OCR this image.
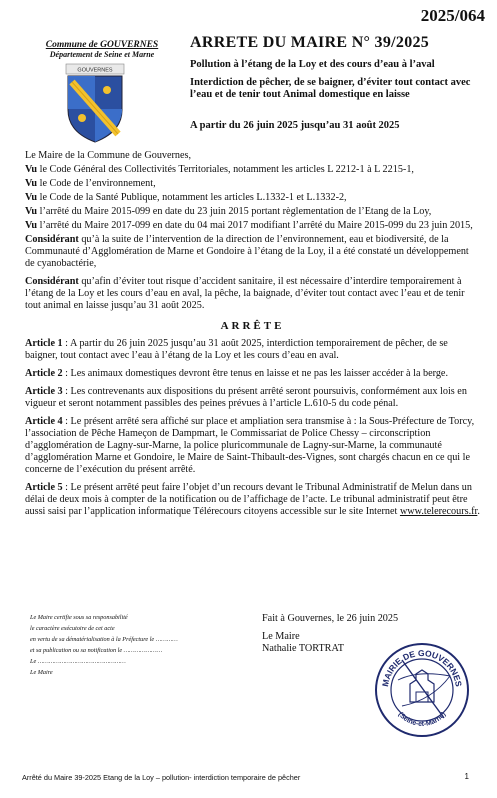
2025/064
Commune de GOUVERNES
Département de Seine et Marne
GOUVERNES
ARRETE DU MAIRE N° 39/2025
Pollution à l’étang de la Loy et des cours d’eau à l’aval
Interdiction de pêcher, de se baigner, d’éviter tout contact avec l’eau et de tenir tout Animal domestique en laisse
A partir du 26 juin 2025 jusqu’au 31 août 2025

Le Maire de la Commune de Gouvernes,

Vu le Code Général des Collectivités Territoriales, notamment les articles L 2212-1 à L 2215-1,

Vu le Code de l’environnement,

Vu le Code de la Santé Publique, notamment les articles L.1332-1 et L.1332-2,

Vu l’arrêté du Maire 2015-099 en date du 23 juin 2015 portant règlementation de l’Etang de la Loy,

Vu l’arrêté du Maire 2017-099 en date du 04 mai 2017 modifiant l’arrêté du Maire 2015-099 du 23 juin 2015,

Considérant qu’à la suite de l’intervention de la direction de l’environnement, eau et biodiversité, de la Communauté d’Agglomération de Marne et Gondoire à l’étang de la Loy, il a été constaté un développement de cyanobactérie,

Considérant qu’afin d’éviter tout risque d’accident sanitaire, il est nécessaire d’interdire temporairement à l’étang de la Loy et les cours d’eau en aval, la pêche, la baignade, d’éviter tout contact avec l’eau et de tenir tout animal en laisse jusqu’au 31 août 2025.

ARRÊTE

Article 1 : A partir du 26 juin 2025 jusqu’au 31 août 2025, interdiction temporairement de pêcher, de se baigner, tout contact avec l’eau à l’étang de la Loy et les cours d’eau en aval.

Article 2 : Les animaux domestiques devront être tenus en laisse et ne pas les laisser accéder à la berge.

Article 3 : Les contrevenants aux dispositions du présent arrêté seront poursuivis, conformément aux lois en vigueur et seront notamment passibles des peines prévues à l’article L.610-5 du code pénal.

Article 4 : Le présent arrêté sera affiché sur place et ampliation sera transmise à : la Sous-Préfecture de Torcy, l’association de Pêche Hameçon de Dampmart, le Commissariat de Police Chessy – circonscription d’agglomération de Lagny-sur-Marne, la police pluricommunale de Lagny-sur-Marne, la communauté d’agglomération Marne et Gondoire, le Maire de Saint-Thibault-des-Vignes, sont chargés chacun en ce qui le concerne de l’exécution du présent arrêté.

Article 5 : Le présent arrêté peut faire l’objet d’un recours devant le Tribunal Administratif de Melun dans un délai de deux mois à compter de la notification ou de l’affichage de l’acte. Le tribunal administratif peut être aussi saisi par l’application informatique Télérecours citoyens accessible sur le site Internet www.telerecours.fr.

Fait à Gouvernes, le 26 juin 2025
Le Maire
Nathalie TORTRAT
Le Maire certifie sous sa responsabilité
le caractère exécutoire de cet acte
en vertu de sa dématérialisation à la Préfecture le …………
et sa publication ou sa notification le …………………
Le …………………………………………
Le Maire
MAIRIE DE GOUVERNES
(Seine-et-Marne)
Arrêté du Maire 39-2025 Etang de la Loy – pollution- interdiction temporaire de pêcher	1
